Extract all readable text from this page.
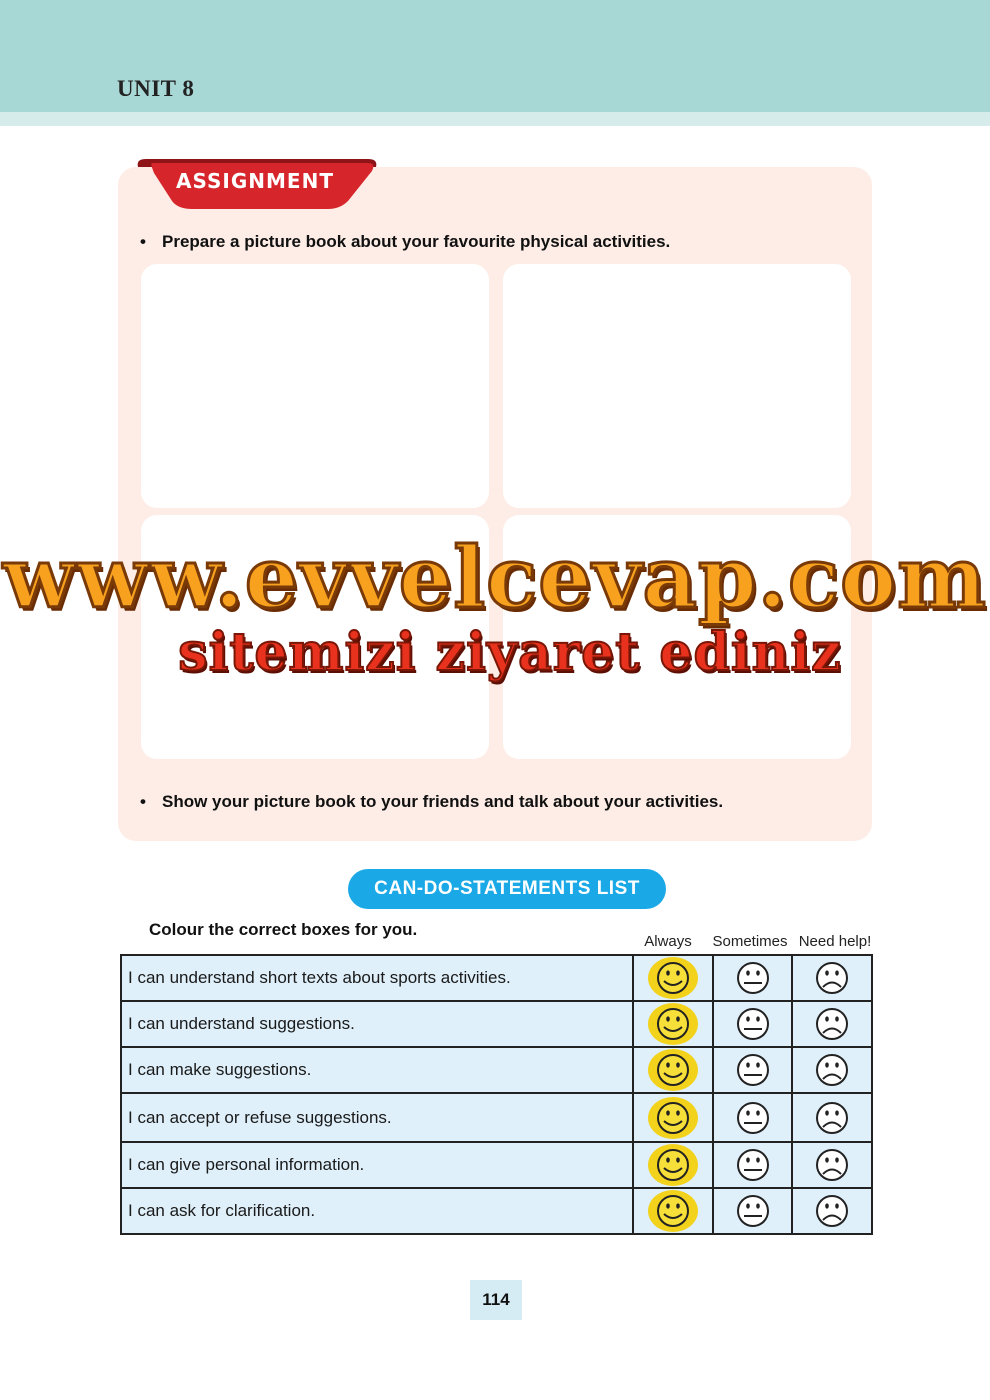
UNIT 8
ASSIGNMENT
• Prepare a picture book about your favourite physical activities.
• Show your picture book to your friends and talk about your activities.
www.evvelcevap.com
sitemizi ziyaret ediniz
CAN-DO-STATEMENTS LIST
Colour the correct boxes for you.
Always	Sometimes Need help!
I can understand short texts about sports activities.	

I can understand suggestions.	

I can make suggestions.	

I can accept or refuse suggestions.	

I can give personal information.	

I can ask for clarification.	

114
